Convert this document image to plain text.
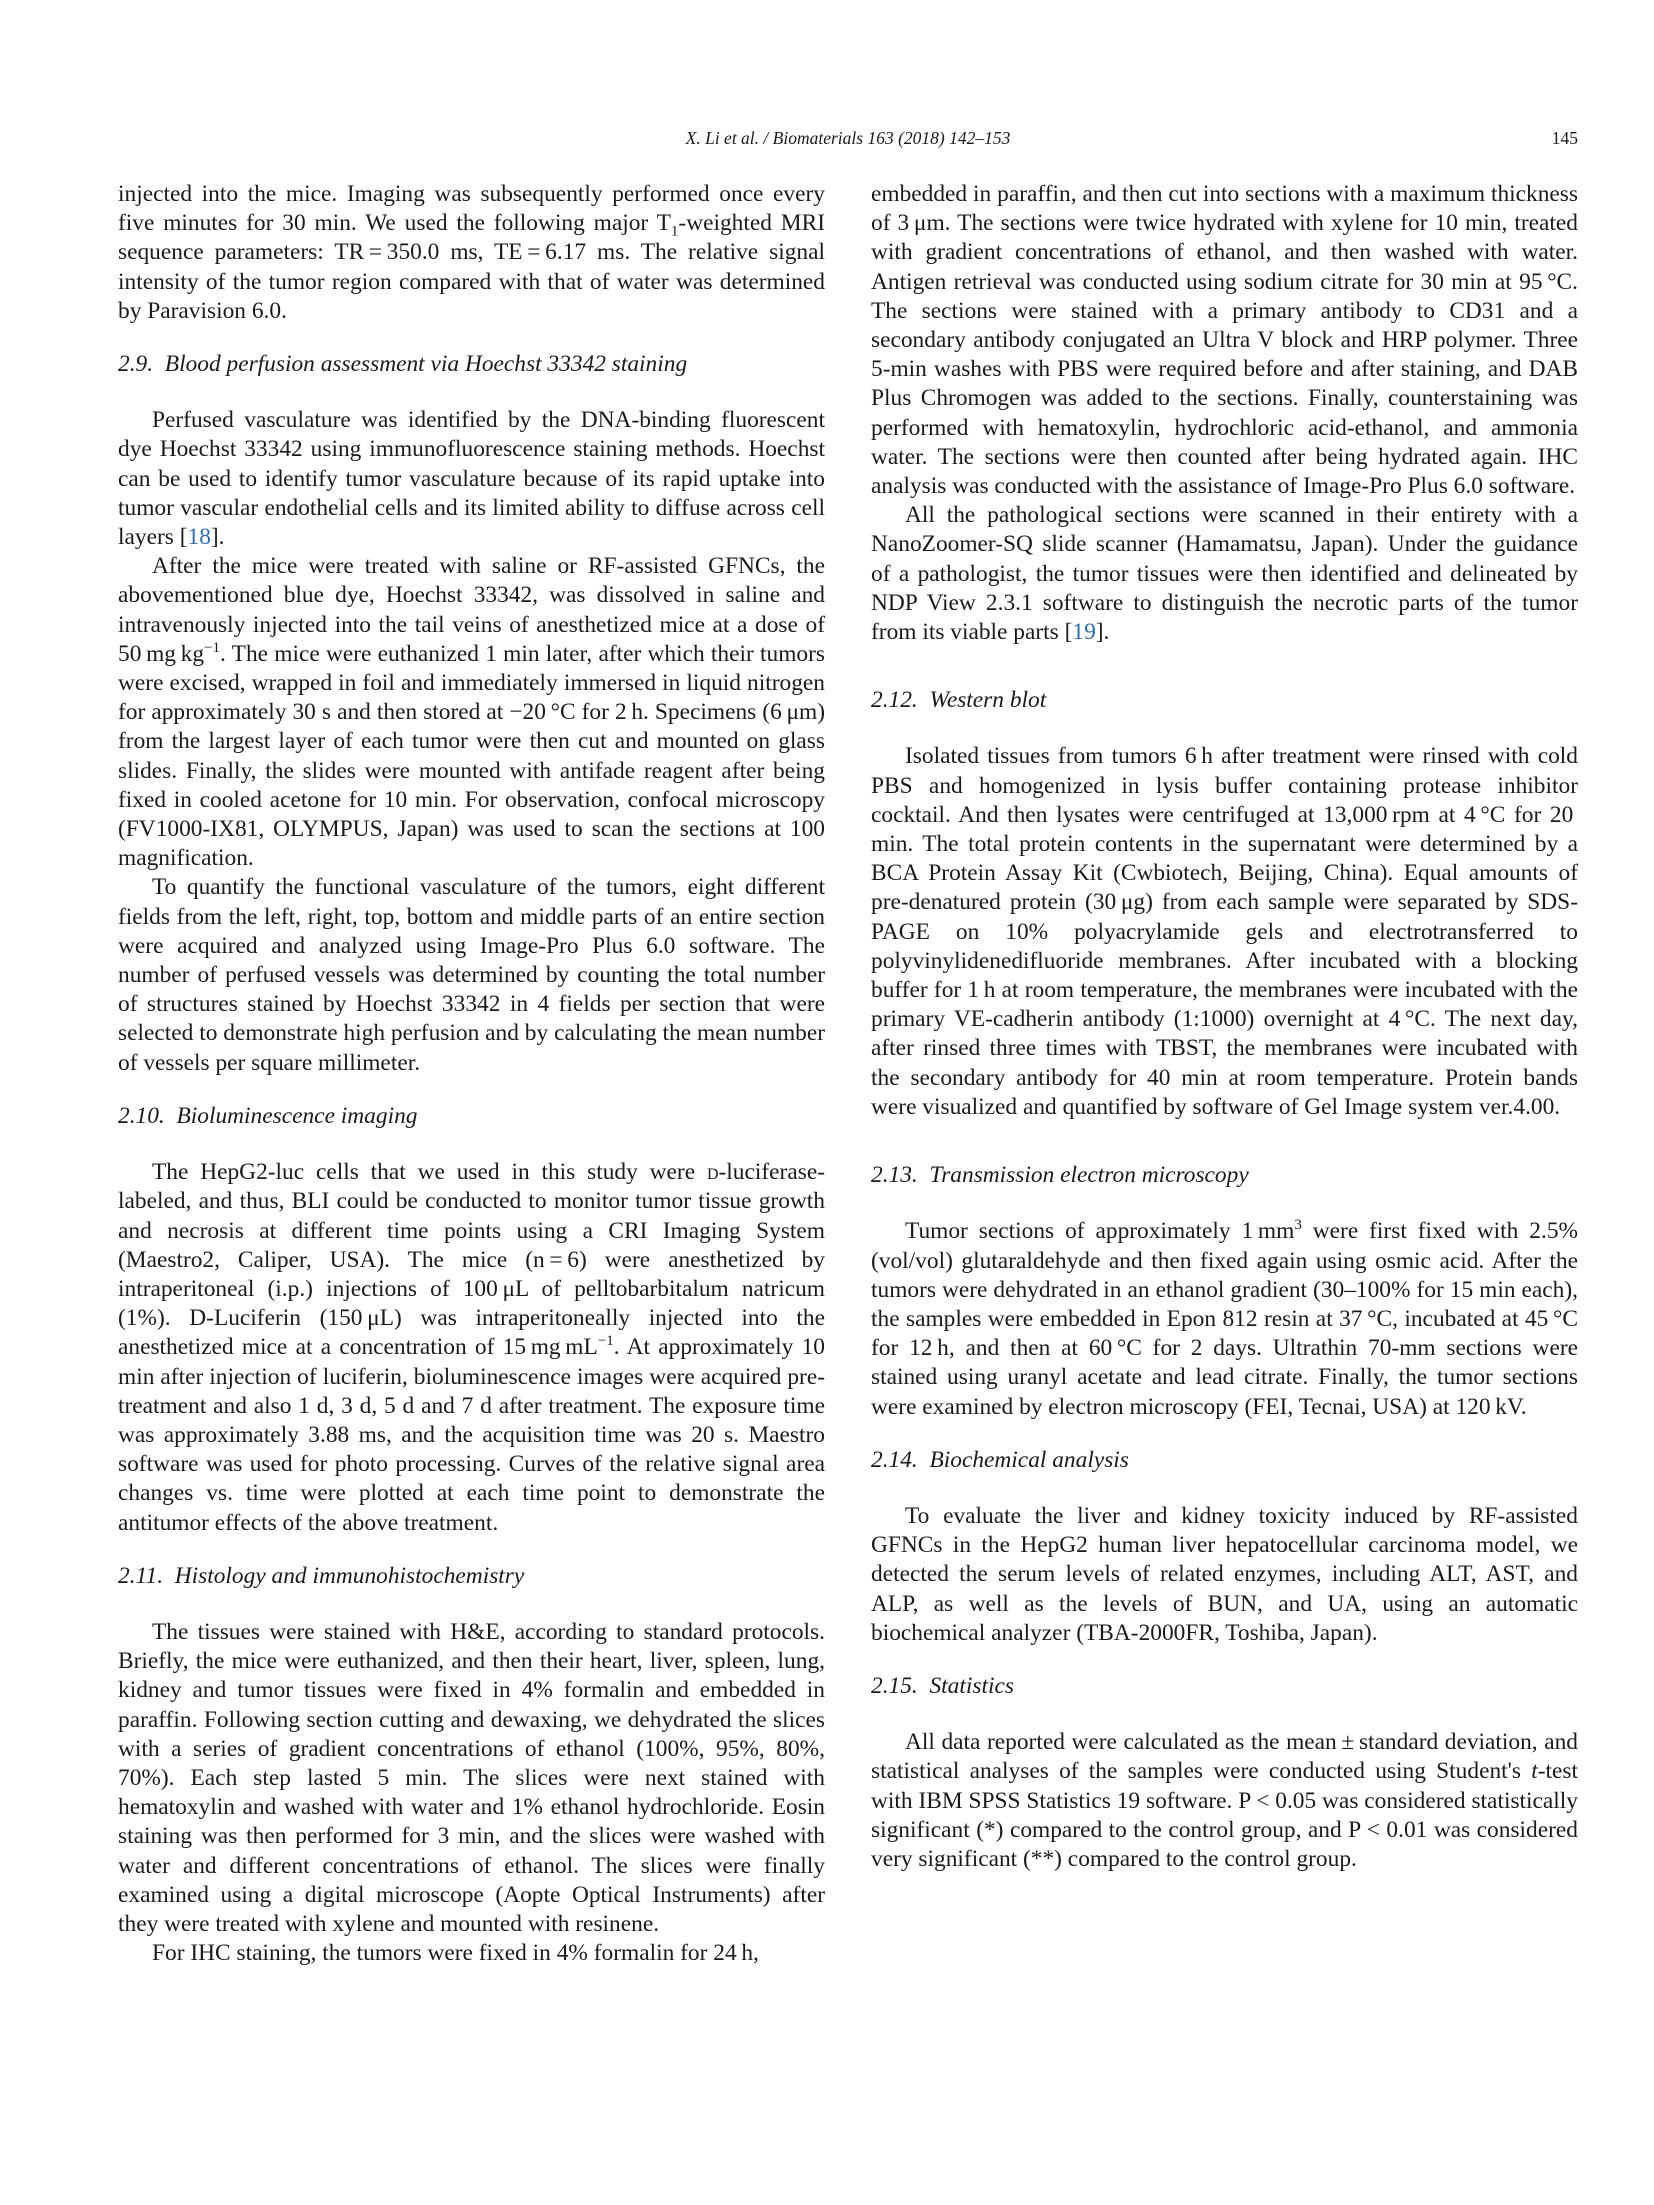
X. Li et al. / Biomaterials 163 (2018) 142–153	145

injected into the mice. Imaging was subsequently performed once every five minutes for 30 min. We used the following major $T_1$-weighted MRI sequence parameters: TR = 350.0 ms, TE = 6.17 ms. The relative signal intensity of the tumor region compared with that of water was determined by Paravision 6.0.

2.9. Blood perfusion assessment via Hoechst 33342 staining

Perfused vasculature was identified by the DNA-binding fluorescent dye Hoechst 33342 using immunofluorescence staining methods. Hoechst can be used to identify tumor vasculature because of its rapid uptake into tumor vascular endothelial cells and its limited ability to diffuse across cell layers [18].

After the mice were treated with saline or RF-assisted GFNCs, the abovementioned blue dye, Hoechst 33342, was dissolved in saline and intravenously injected into the tail veins of anesthetized mice at a dose of 50 mg $kg^{-1}$. The mice were euthanized 1 min later, after which their tumors were excised, wrapped in foil and immediately immersed in liquid nitrogen for approximately 30 s and then stored at −20 °C for 2 h. Specimens (6 μm) from the largest layer of each tumor were then cut and mounted on glass slides. Finally, the slides were mounted with antifade reagent after being fixed in cooled acetone for 10 min. For observation, confocal microscopy (FV1000-IX81, OLYMPUS, Japan) was used to scan the sections at 100 magnification.

To quantify the functional vasculature of the tumors, eight different fields from the left, right, top, bottom and middle parts of an entire section were acquired and analyzed using Image-Pro Plus 6.0 software. The number of perfused vessels was determined by counting the total number of structures stained by Hoechst 33342 in 4 fields per section that were selected to demonstrate high perfusion and by calculating the mean number of vessels per square millimeter.

2.10. Bioluminescence imaging

The HepG2-luc cells that we used in this study were d-luciferase-labeled, and thus, BLI could be conducted to monitor tumor tissue growth and necrosis at different time points using a CRI Imaging System (Maestro2, Caliper, USA). The mice (n = 6) were anesthetized by intraperitoneal (i.p.) injections of 100 μL of pelltobarbitalum natricum (1%). D-Luciferin (150 μL) was intraperitoneally injected into the anesthetized mice at a concentration of 15 mg $mL^{-1}$. At approximately 10 min after injection of luciferin, bioluminescence images were acquired pre-treatment and also 1 d, 3 d, 5 d and 7 d after treatment. The exposure time was approximately 3.88 ms, and the acquisition time was 20 s. Maestro software was used for photo processing. Curves of the relative signal area changes vs. time were plotted at each time point to demonstrate the antitumor effects of the above treatment.

2.11. Histology and immunohistochemistry

The tissues were stained with H&E, according to standard protocols. Briefly, the mice were euthanized, and then their heart, liver, spleen, lung, kidney and tumor tissues were fixed in 4% formalin and embedded in paraffin. Following section cutting and dewaxing, we dehydrated the slices with a series of gradient concentrations of ethanol (100%, 95%, 80%, 70%). Each step lasted 5 min. The slices were next stained with hematoxylin and washed with water and 1% ethanol hydrochloride. Eosin staining was then performed for 3 min, and the slices were washed with water and different concentrations of ethanol. The slices were finally examined using a digital microscope (Aopte Optical Instruments) after they were treated with xylene and mounted with resinene.

For IHC staining, the tumors were fixed in 4% formalin for 24 h,

embedded in paraffin, and then cut into sections with a maximum thickness of 3 μm. The sections were twice hydrated with xylene for 10 min, treated with gradient concentrations of ethanol, and then washed with water. Antigen retrieval was conducted using sodium citrate for 30 min at 95 °C. The sections were stained with a primary antibody to CD31 and a secondary antibody conjugated an Ultra V block and HRP polymer. Three 5-min washes with PBS were required before and after staining, and DAB Plus Chromogen was added to the sections. Finally, counterstaining was performed with hematoxylin, hydrochloric acid-ethanol, and ammonia water. The sections were then counted after being hydrated again. IHC analysis was conducted with the assistance of Image-Pro Plus 6.0 software.

All the pathological sections were scanned in their entirety with a NanoZoomer-SQ slide scanner (Hamamatsu, Japan). Under the guidance of a pathologist, the tumor tissues were then identified and delineated by NDP View 2.3.1 software to distinguish the necrotic parts of the tumor from its viable parts [19].

2.12. Western blot

Isolated tissues from tumors 6 h after treatment were rinsed with cold PBS and homogenized in lysis buffer containing protease inhibitor cocktail. And then lysates were centrifuged at 13,000 rpm at 4 °C for 20 min. The total protein contents in the supernatant were determined by a BCA Protein Assay Kit (Cwbiotech, Beijing, China). Equal amounts of pre-denatured protein (30 μg) from each sample were separated by SDS-PAGE on 10% polyacrylamide gels and electrotransferred to polyvinylidenedifluoride membranes. After incubated with a blocking buffer for 1 h at room temperature, the membranes were incubated with the primary VE-cadherin antibody (1:1000) overnight at 4 °C. The next day, after rinsed three times with TBST, the membranes were incubated with the secondary antibody for 40 min at room temperature. Protein bands were visualized and quantified by software of Gel Image system ver.4.00.

2.13. Transmission electron microscopy

Tumor sections of approximately 1 $mm^3$ were first fixed with 2.5% (vol/vol) glutaraldehyde and then fixed again using osmic acid. After the tumors were dehydrated in an ethanol gradient (30–100% for 15 min each), the samples were embedded in Epon 812 resin at 37 °C, incubated at 45 °C for 12 h, and then at 60 °C for 2 days. Ultrathin 70-mm sections were stained using uranyl acetate and lead citrate. Finally, the tumor sections were examined by electron microscopy (FEI, Tecnai, USA) at 120 kV.

2.14. Biochemical analysis

To evaluate the liver and kidney toxicity induced by RF-assisted GFNCs in the HepG2 human liver hepatocellular carcinoma model, we detected the serum levels of related enzymes, including ALT, AST, and ALP, as well as the levels of BUN, and UA, using an automatic biochemical analyzer (TBA-2000FR, Toshiba, Japan).

2.15. Statistics

All data reported were calculated as the mean ± standard deviation, and statistical analyses of the samples were conducted using Student's t-test with IBM SPSS Statistics 19 software. P < 0.05 was considered statistically significant (*) compared to the control group, and P < 0.01 was considered very significant (**) compared to the control group.
